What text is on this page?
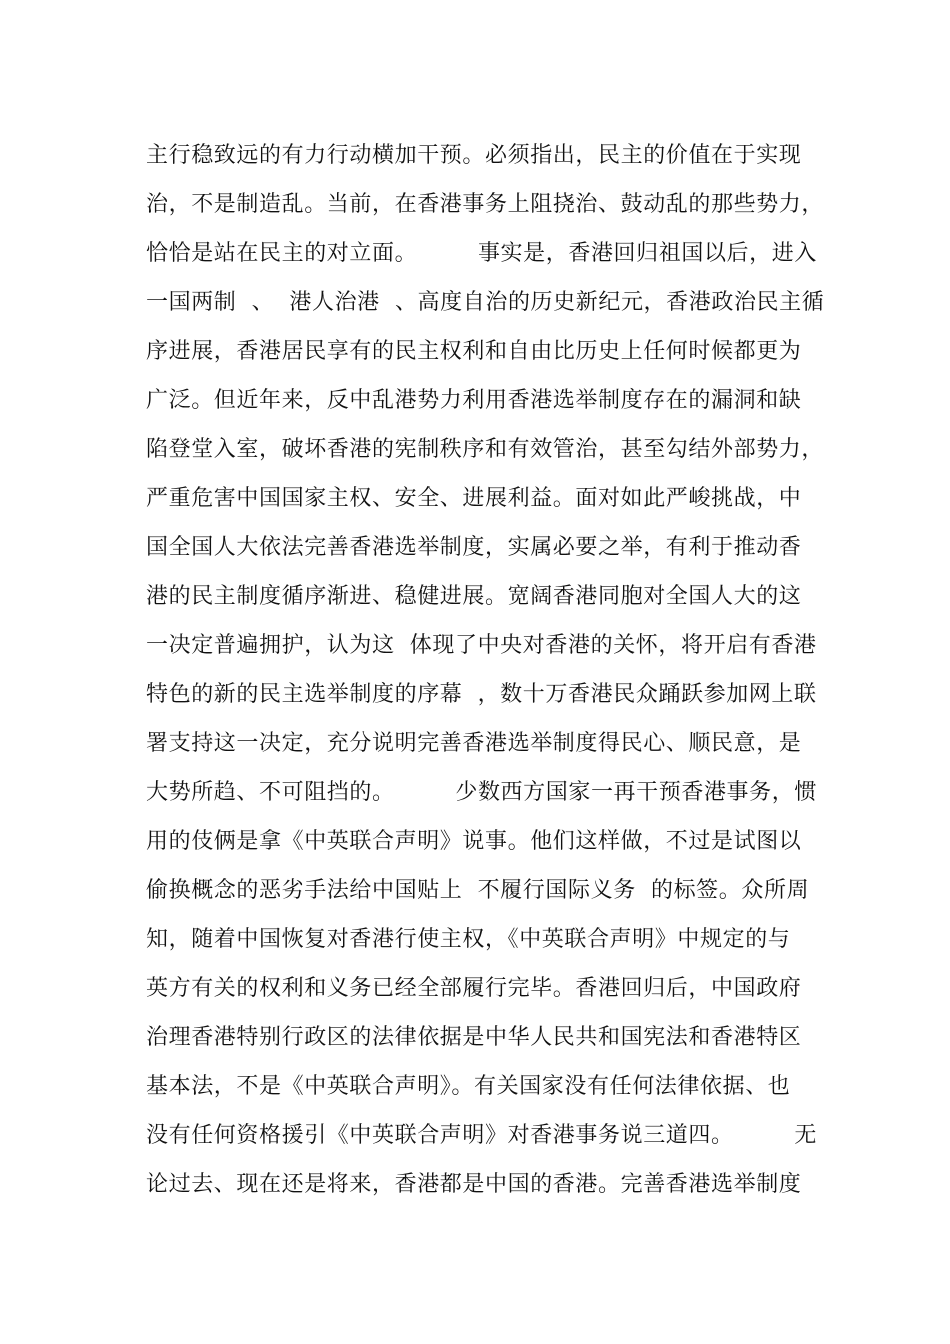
主行稳致远的有力行动横加干预。必须指出，民主的价值在于实现
治，不是制造乱。当前，在香港事务上阻挠治、鼓动乱的那些势力，
恰恰是站在民主的对立面。        事实是，香港回归祖国以后，进入
一国两制  、  港人治港  、高度自治的历史新纪元，香港政治民主循
序进展，香港居民享有的民主权利和自由比历史上任何时候都更为
广泛。但近年来，反中乱港势力利用香港选举制度存在的漏洞和缺
陷登堂入室，破坏香港的宪制秩序和有效管治，甚至勾结外部势力，
严重危害中国国家主权、安全、进展利益。面对如此严峻挑战，中
国全国人大依法完善香港选举制度，实属必要之举，有利于推动香
港的民主制度循序渐进、稳健进展。宽阔香港同胞对全国人大的这
一决定普遍拥护，认为这  体现了中央对香港的关怀，将开启有香港
特色的新的民主选举制度的序幕  ，数十万香港民众踊跃参加网上联
署支持这一决定，充分说明完善香港选举制度得民心、顺民意，是
大势所趋、不可阻挡的。        少数西方国家一再干预香港事务，惯
用的伎俩是拿《中英联合声明》说事。他们这样做，不过是试图以
偷换概念的恶劣手法给中国贴上  不履行国际义务  的标签。众所周
知，随着中国恢复对香港行使主权，《中英联合声明》中规定的与
英方有关的权利和义务已经全部履行完毕。香港回归后，中国政府
治理香港特别行政区的法律依据是中华人民共和国宪法和香港特区
基本法，不是《中英联合声明》。有关国家没有任何法律依据、也
没有任何资格援引《中英联合声明》对香港事务说三道四。        无
论过去、现在还是将来，香港都是中国的香港。完善香港选举制度
